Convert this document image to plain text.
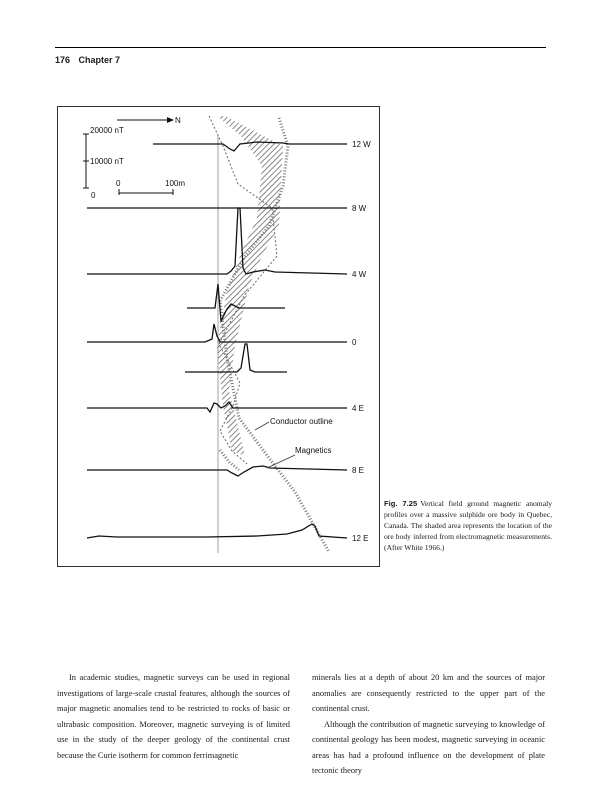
176 Chapter 7
N
20000 nT
10000 nT
0
0	100m
12 W
8 W
4 W
0
4 E
8 E
12 E
Conductor outline
Magnetics
Fig. 7.25 Vertical field ground magnetic anomaly profiles over a massive sulphide ore body in Quebec, Canada. The shaded area represents the location of the ore body inferred from electromagnetic measurements. (After White 1966.)

In academic studies, magnetic surveys can be used in regional investigations of large-scale crustal features, although the sources of major magnetic anomalies tend to be restricted to rocks of basic or ultrabasic composition. Moreover, magnetic surveying is of limited use in the study of the deeper geology of the continental crust because the Curie isotherm for common ferrimagnetic

minerals lies at a depth of about 20 km and the sources of major anomalies are consequently restricted to the upper part of the continental crust.

Although the contribution of magnetic surveying to knowledge of continental geology has been modest, magnetic surveying in oceanic areas has had a profound influence on the development of plate tectonic theory
